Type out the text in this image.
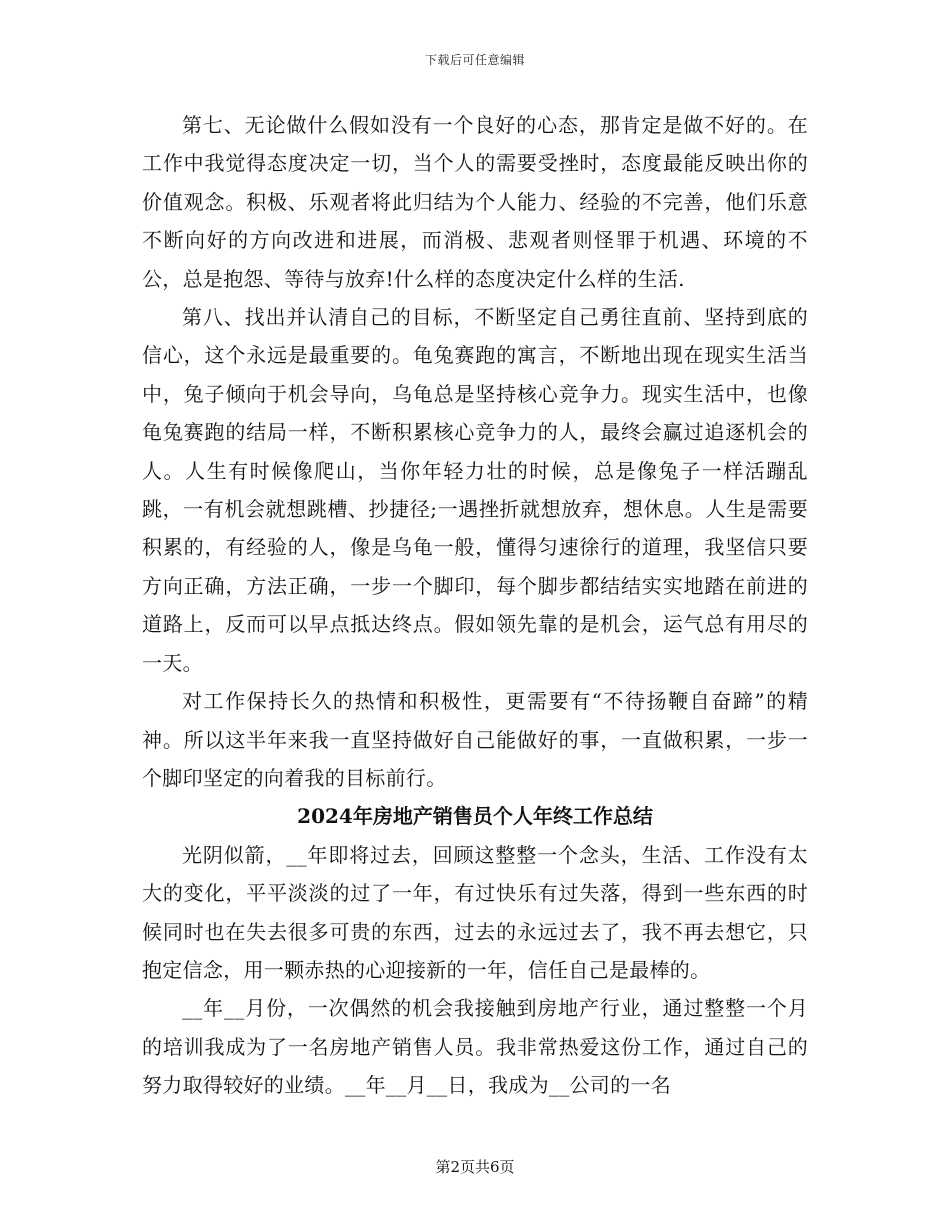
下载后可任意编辑

第七、无论做什么假如没有一个良好的心态，那肯定是做不好的。在工作中我觉得态度决定一切，当个人的需要受挫时，态度最能反映出你的价值观念。积极、乐观者将此归结为个人能力、经验的不完善，他们乐意不断向好的方向改进和进展，而消极、悲观者则怪罪于机遇、环境的不公，总是抱怨、等待与放弃!什么样的态度决定什么样的生活.

第八、找出并认清自己的目标，不断坚定自己勇往直前、坚持到底的信心，这个永远是最重要的。龟兔赛跑的寓言，不断地出现在现实生活当中，兔子倾向于机会导向，乌龟总是坚持核心竞争力。现实生活中，也像龟兔赛跑的结局一样，不断积累核心竞争力的人，最终会赢过追逐机会的人。人生有时候像爬山，当你年轻力壮的时候，总是像兔子一样活蹦乱跳，一有机会就想跳槽、抄捷径;一遇挫折就想放弃，想休息。人生是需要积累的，有经验的人，像是乌龟一般，懂得匀速徐行的道理，我坚信只要方向正确，方法正确，一步一个脚印，每个脚步都结结实实地踏在前进的道路上，反而可以早点抵达终点。假如领先靠的是机会，运气总有用尽的一天。

对工作保持长久的热情和积极性，更需要有“不待扬鞭自奋蹄”的精神。所以这半年来我一直坚持做好自己能做好的事，一直做积累，一步一个脚印坚定的向着我的目标前行。

2024年房地产销售员个人年终工作总结

光阴似箭，__年即将过去，回顾这整整一个念头，生活、工作没有太大的变化，平平淡淡的过了一年，有过快乐有过失落，得到一些东西的时候同时也在失去很多可贵的东西，过去的永远过去了，我不再去想它，只抱定信念，用一颗赤热的心迎接新的一年，信任自己是最棒的。

__年__月份，一次偶然的机会我接触到房地产行业，通过整整一个月的培训我成为了一名房地产销售人员。我非常热爱这份工作，通过自己的努力取得较好的业绩。__年__月__日，我成为__公司的一名

第2页共6页
